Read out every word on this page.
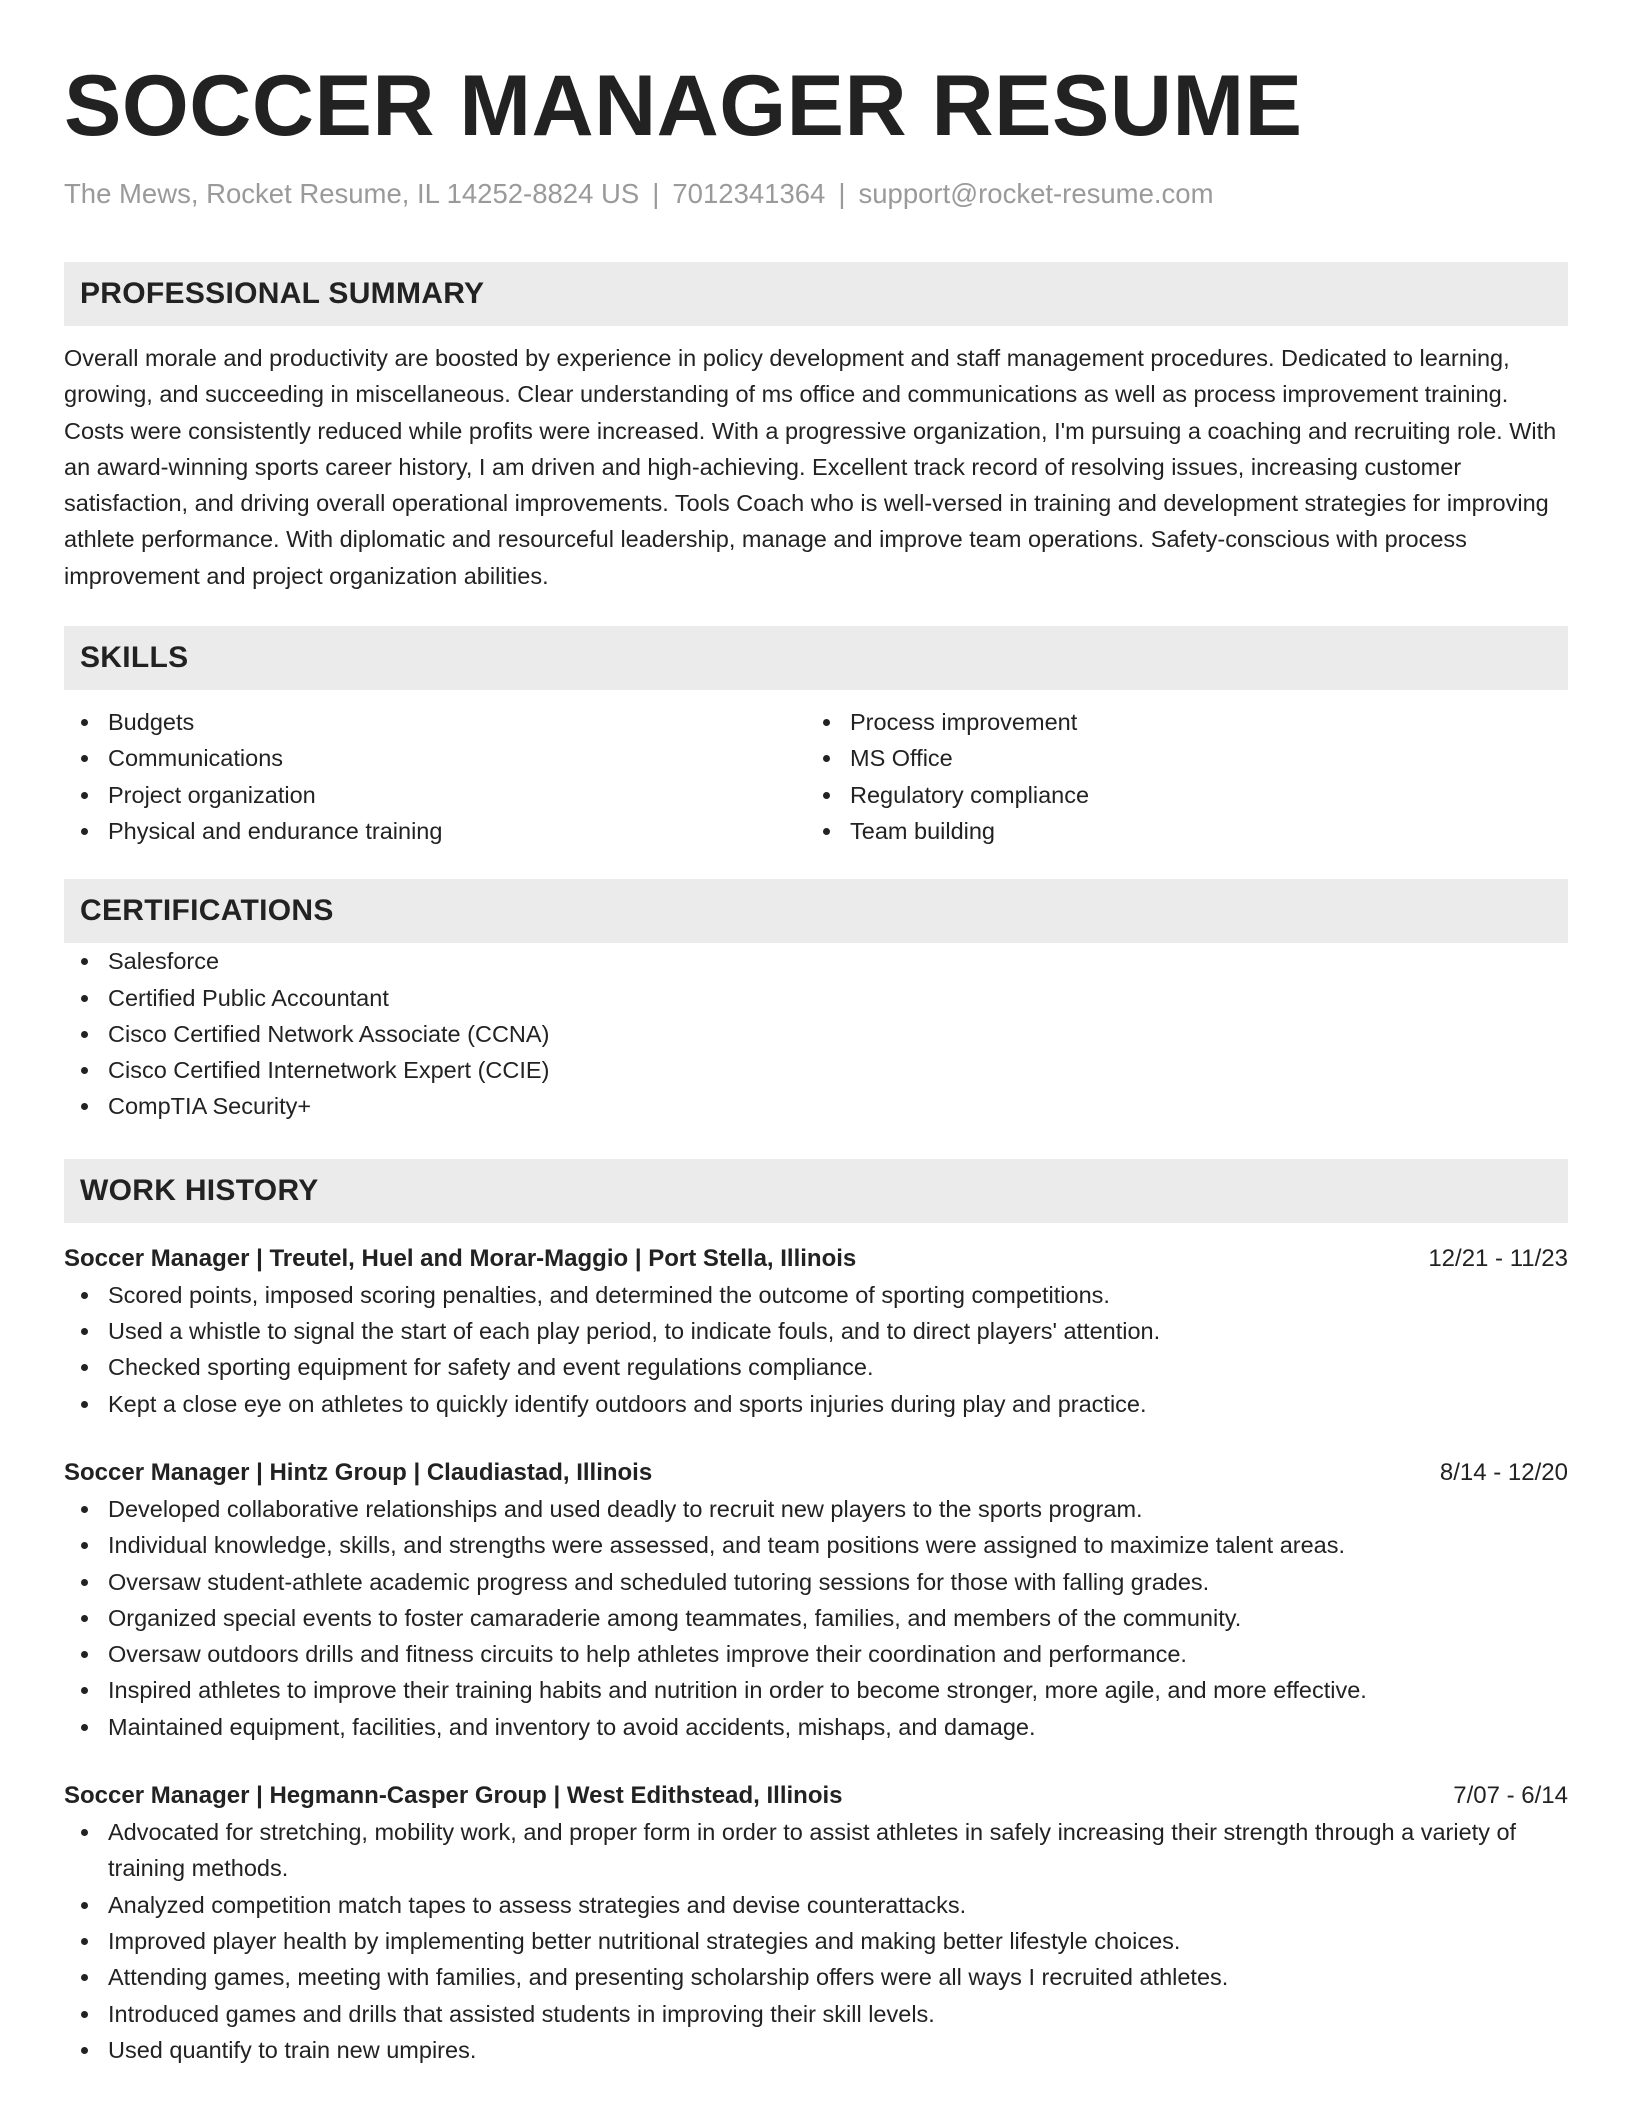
SOCCER MANAGER RESUME
The Mews, Rocket Resume, IL 14252-8824 US | 7012341364 | support@rocket-resume.com
PROFESSIONAL SUMMARY

Overall morale and productivity are boosted by experience in policy development and staff management procedures. Dedicated to learning, growing, and succeeding in miscellaneous. Clear understanding of ms office and communications as well as process improvement training. Costs were consistently reduced while profits were increased. With a progressive organization, I'm pursuing a coaching and recruiting role. With an award-winning sports career history, I am driven and high-achieving. Excellent track record of resolving issues, increasing customer satisfaction, and driving overall operational improvements. Tools Coach who is well-versed in training and development strategies for improving athlete performance. With diplomatic and resourceful leadership, manage and improve team operations. Safety-conscious with process improvement and project organization abilities.

SKILLS
Budgets
Communications
Project organization
Physical and endurance training
Process improvement
MS Office
Regulatory compliance
Team building
CERTIFICATIONS
Salesforce
Certified Public Accountant
Cisco Certified Network Associate (CCNA)
Cisco Certified Internetwork Expert (CCIE)
CompTIA Security+
WORK HISTORY
Soccer Manager | Treutel, Huel and Morar-Maggio | Port Stella, Illinois	12/21 - 11/23
Scored points, imposed scoring penalties, and determined the outcome of sporting competitions.
Used a whistle to signal the start of each play period, to indicate fouls, and to direct players' attention.
Checked sporting equipment for safety and event regulations compliance.
Kept a close eye on athletes to quickly identify outdoors and sports injuries during play and practice.
Soccer Manager | Hintz Group | Claudiastad, Illinois	8/14 - 12/20
Developed collaborative relationships and used deadly to recruit new players to the sports program.
Individual knowledge, skills, and strengths were assessed, and team positions were assigned to maximize talent areas.
Oversaw student-athlete academic progress and scheduled tutoring sessions for those with falling grades.
Organized special events to foster camaraderie among teammates, families, and members of the community.
Oversaw outdoors drills and fitness circuits to help athletes improve their coordination and performance.
Inspired athletes to improve their training habits and nutrition in order to become stronger, more agile, and more effective.
Maintained equipment, facilities, and inventory to avoid accidents, mishaps, and damage.
Soccer Manager | Hegmann-Casper Group | West Edithstead, Illinois	7/07 - 6/14
Advocated for stretching, mobility work, and proper form in order to assist athletes in safely increasing their strength through a variety of training methods.
Analyzed competition match tapes to assess strategies and devise counterattacks.
Improved player health by implementing better nutritional strategies and making better lifestyle choices.
Attending games, meeting with families, and presenting scholarship offers were all ways I recruited athletes.
Introduced games and drills that assisted students in improving their skill levels.
Used quantify to train new umpires.
